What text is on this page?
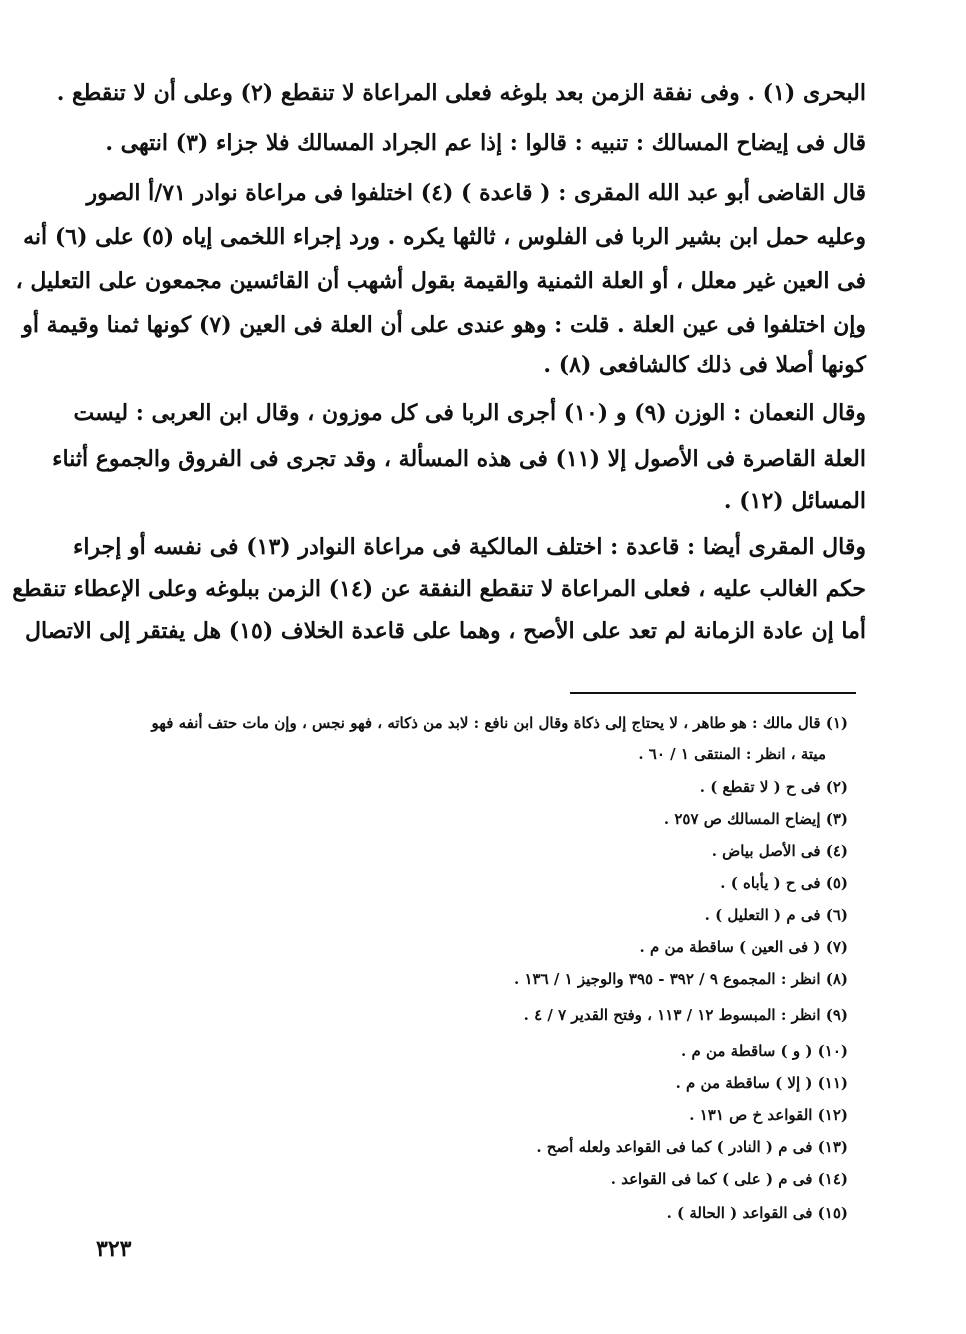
البحرى (١) . وفى نفقة الزمن بعد بلوغه فعلى المراعاة لا تنقطع (٢) وعلى أن لا تنقطع .
قال فى إيضاح المسالك : تنبيه : قالوا : إذا عم الجراد المسالك فلا جزاء (٣) انتهى .
قال القاضى أبو عبد الله المقرى : ( قاعدة ) (٤) اختلفوا فى مراعاة نوادر ٧١/أ الصور
وعليه حمل ابن بشير الربا فى الفلوس ، ثالثها يكره . ورد إجراء اللخمى إياه (٥) على (٦) أنه
فى العين غير معلل ، أو العلة الثمنية والقيمة بقول أشهب أن القائسين مجمعون على التعليل ،
وإن اختلفوا فى عين العلة . قلت : وهو عندى على أن العلة فى العين (٧) كونها ثمنا وقيمة أو
كونها أصلا فى ذلك كالشافعى (٨) .
وقال النعمان : الوزن (٩) و (١٠) أجرى الربا فى كل موزون ، وقال ابن العربى : ليست
العلة القاصرة فى الأصول إلا (١١) فى هذه المسألة ، وقد تجرى فى الفروق والجموع أثناء
المسائل (١٢) .
وقال المقرى أيضا : قاعدة : اختلف المالكية فى مراعاة النوادر (١٣) فى نفسه أو إجراء
حكم الغالب عليه ، فعلى المراعاة لا تنقطع النفقة عن (١٤) الزمن ببلوغه وعلى الإعطاء تنقطع
أما إن عادة الزمانة لم تعد على الأصح ، وهما على قاعدة الخلاف (١٥) هل يفتقر إلى الاتصال
(١) قال مالك : هو طاهر ، لا يحتاج إلى ذكاة وقال ابن نافع : لابد من ذكاته ، فهو نجس ، وإن مات حتف أنفه فهو
ميتة ، انظر : المنتقى ١ / ٦٠ .
(٢) فى ح ( لا تقطع ) .
(٣) إيضاح المسالك ص ٢٥٧ .
(٤) فى الأصل بياض .
(٥) فى ح ( يأباه ) .
(٦) فى م ( التعليل ) .
(٧) ( فى العين ) ساقطة من م .
(٨) انظر : المجموع ٩ / ٣٩٢ - ٣٩٥ والوجيز ١ / ١٣٦ .
(٩) انظر : المبسوط ١٢ / ١١٣ ، وفتح القدير ٧ / ٤ .
(١٠) ( و ) ساقطة من م .
(١١) ( إلا ) ساقطة من م .
(١٢) القواعد خ ص ١٣١ .
(١٣) فى م ( النادر ) كما فى القواعد ولعله أصح .
(١٤) فى م ( على ) كما فى القواعد .
(١٥) فى القواعد ( الحالة ) .
٣٢٣
